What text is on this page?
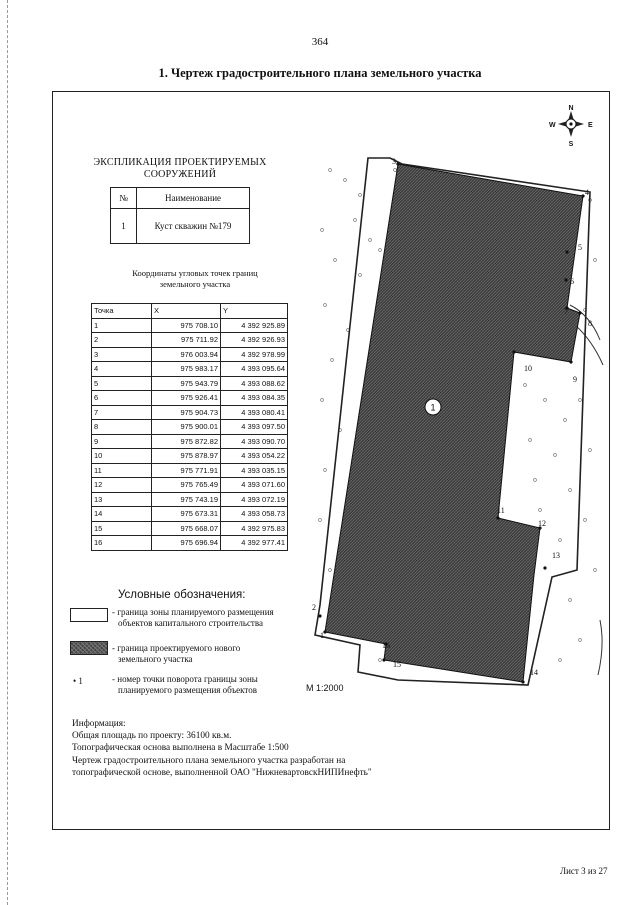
364
1. Чертеж градостроительного плана земельного участка
ЭКСПЛИКАЦИЯ ПРОЕКТИРУЕМЫХ
СООРУЖЕНИЙ
№	Наименование
1	Куст скважин №179
Координаты угловых точек границ
земельного участка
Точка	X	Y
1	975 708.10	4 392 925.89
2	975 711.92	4 392 926.93
3	976 003.94	4 392 978.99
4	975 983.17	4 393 095.64
5	975 943.79	4 393 088.62
6	975 926.41	4 393 084.35
7	975 904.73	4 393 080.41
8	975 900.01	4 393 097.50
9	975 872.82	4 393 090.70
10	975 878.97	4 393 054.22
11	975 771.91	4 393 035.15
12	975 765.49	4 393 071.60
13	975 743.19	4 393 072.19
14	975 673.31	4 393 058.73
15	975 668.07	4 392 975.83
16	975 696.94	4 392 977.41
1
2
3
4
5
6
7
8
9
10
11
12
13
14
15
16
1
N
S
E
W
Условные обозначения:
- граница зоны планируемого размещения
объектов капитального строительства
- граница проектируемого нового
земельного участка
• 1	- номер точки поворота границы зоны
планируемого размещения объектов	М 1:2000
Информация:
Общая площадь по проекту: 36100 кв.м.
Топографическая основа выполнена в Масштабе 1:500
Чертеж градостроительного плана земельного участка разработан на
топографической основе, выполненной ОАО "НижневартовскНИПИнефть"
Лист 3 из 27
